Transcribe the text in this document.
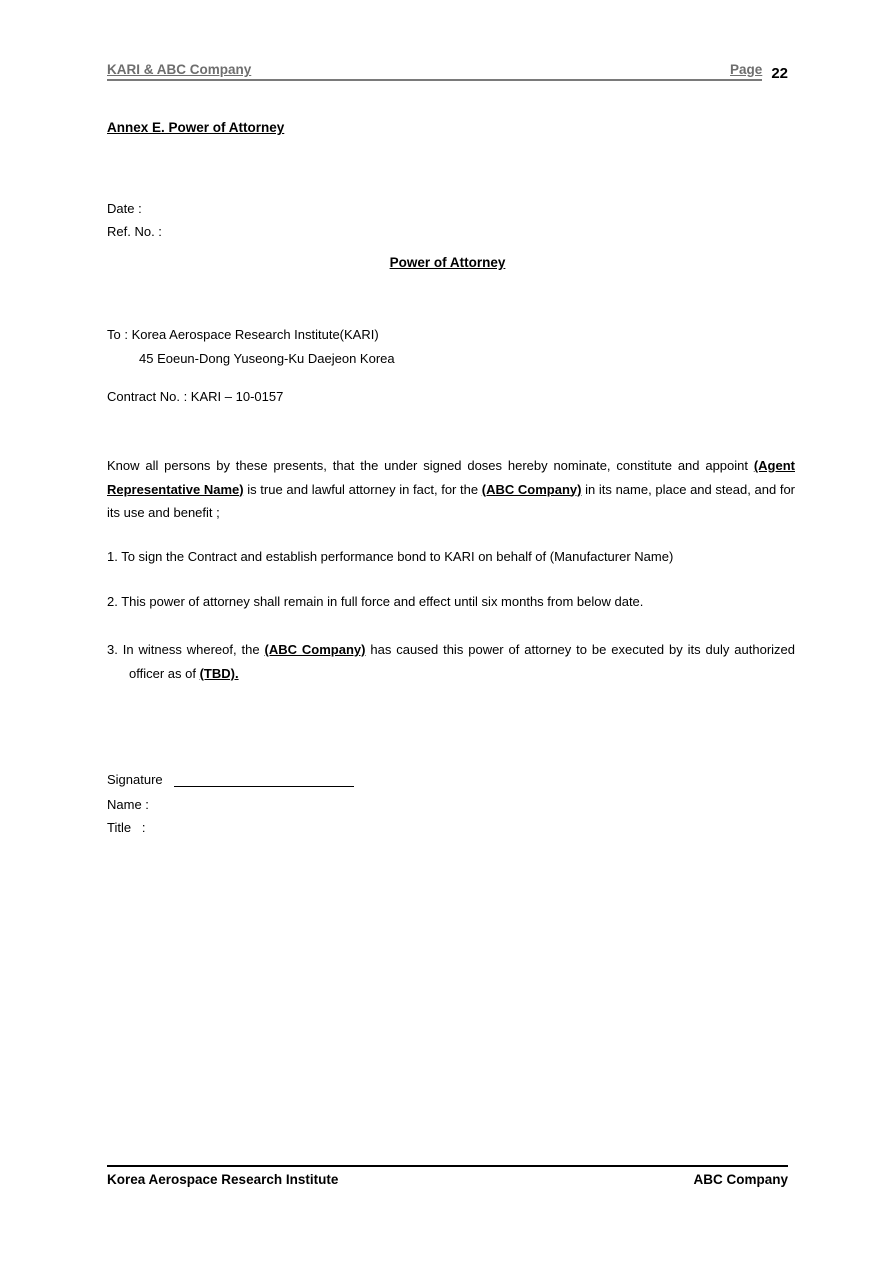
KARI & ABC Company	Page 22
Annex E. Power of Attorney
Date :
Ref. No. :
Power of Attorney
To : Korea Aerospace Research Institute(KARI)
45 Eoeun-Dong Yuseong-Ku Daejeon Korea
Contract No. : KARI – 10-0157
Know all persons by these presents, that the under signed doses hereby nominate, constitute and appoint (Agent Representative Name) is true and lawful attorney in fact, for the (ABC Company) in its name, place and stead, and for its use and benefit ;
1. To sign the Contract and establish performance bond to KARI on behalf of (Manufacturer Name)
2. This power of attorney shall remain in full force and effect until six months from below date.
3. In witness whereof, the (ABC Company) has caused this power of attorney to be executed by its duly authorized officer as of (TBD).
Signature
Name :
Title   :
Korea Aerospace Research Institute	ABC Company
